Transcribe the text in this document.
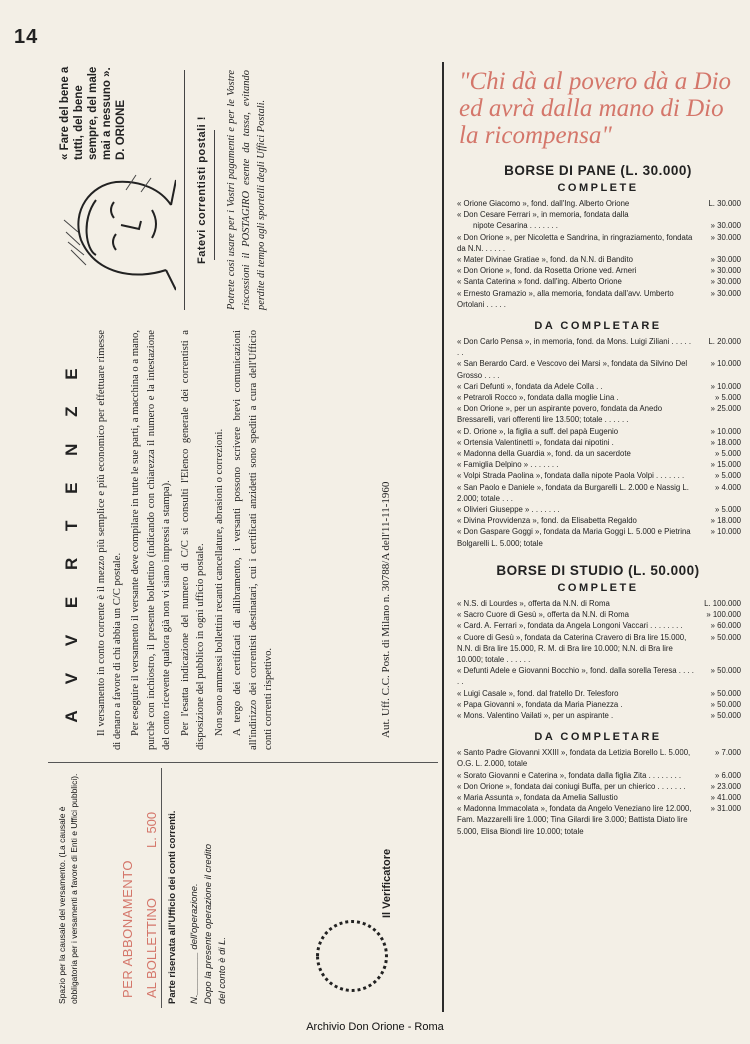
14
Spazio per la causale del versamento. (La causale è obbligatoria per i versamenti a favore di Enti e Uffici pubblici).	PER ABBONAMENTO AL BOLLETTINO
L. 500 Parte riservata all'Ufficio dei conti correnti. N.________ dell'operazione. Dopo la presente operazione il credito del conto è di L.
Il Verificatore
A V V E R T E N Z E Il versamento in conto corrente è il mezzo più semplice e più economico per effettuare rimesse di denaro a favore di chi abbia un C/C postale. Per eseguire il versamento il versante deve compilare in tutte le sue parti, a macchina o a mano, purchè con inchiostro, il presente bollettino (indicando con chiarezza il numero e la intestazione del conto ricevente qualora già non vi siano impressi a stampa). Per l'esatta indicazione del numero di C/C si consulti l'Elenco generale dei correntisti a disposizione del pubblico in ogni ufficio postale. Non sono ammessi bollettini recanti cancellature, abrasioni o correzioni. A tergo dei certificati di allibramento, i versanti possono scrivere brevi comunicazioni all'indirizzo dei correntisti destinatari, cui i certificati anzidetti sono spediti a cura dell'Ufficio conti correnti rispettivo.	Aut. Uff. C.C. Post. di Milano n. 30788/A dell'11-11-1960
« Fare del bene a tutti, del bene sempre, del male mai a nessuno ». D. ORIONE	Fatevi correntisti postali ! Potrete così usare per i Vostri pagamenti e per le Vostre riscossioni il POSTAGIRO esente da tassa, evitando perdite di tempo agli sportelli degli Uffici Postali.
"Chi dà al povero dà a Dio ed avrà dalla mano di Dio la ricompensa"
BORSE DI PANE (L. 30.000)
COMPLETE
« Orione Giacomo », fond. dall'Ing. Alberto Orione	L. 30.000
« Don Cesare Ferrari », in memoria, fondata dalla
nipote Cesarina . . . . . . .	» 30.000
« Don Orione », per Nicoletta e Sandrina, in ringraziamento, fondata da N.N. . . . . .
» 30.000
« Mater Divinae Gratiae », fond. da N.N. di Bandito	» 30.000
« Don Orione », fond. da Rosetta Orione ved. Arneri	» 30.000
« Santa Caterina » fond. dall'ing. Alberto Orione	» 30.000
« Ernesto Gramazio », alla memoria, fondata dall'avv. Umberto Ortolani . . . . .
» 30.000
DA COMPLETARE
« Don Carlo Pensa », in memoria, fond. da Mons. Luigi Ziliani . . . . . . .
L. 20.000
« San Berardo Card. e Vescovo dei Marsi », fondata da Silvino Del Grosso . . . .
» 10.000
« Cari Defunti », fondata da Adele Colla . .	» 10.000
« Petraroli Rocco », fondata dalla moglie Lina .	» 5.000
« Don Orione », per un aspirante povero, fondata da Anedo Bressarelli, vari offerenti lire 13.500; totale . . . . . .
» 25.000
« D. Orione », la figlia a suff. del papà Eugenio	» 10.000
« Ortensia Valentinetti », fondata dai nipotini .	» 18.000
« Madonna della Guardia », fond. da un sacerdote	» 5.000
« Famiglia Delpino » . . . . . . .	» 15.000
« Volpi Strada Paolina », fondata dalla nipote Paola Volpi . . . . . . .	» 5.000
« San Paolo e Daniele », fondata da Burgarelli L. 2.000 e Nassig L. 2.000; totale . . .
» 4.000
« Olivieri Giuseppe » . . . . . . .	» 5.000
« Divina Provvidenza », fond. da Elisabetta Regaldo	» 18.000
« Don Gaspare Goggi », fondata da Maria Goggi L. 5.000 e Pietrina Bolgarelli L. 5.000; totale
» 10.000
BORSE DI STUDIO (L. 50.000)
COMPLETE
« N.S. di Lourdes », offerta da N.N. di Roma	L. 100.000
« Sacro Cuore di Gesù », offerta da N.N. di Roma	» 100.000
« Card. A. Ferrari », fondata da Angela Longoni Vaccari . . . . . . . .	» 60.000
« Cuore di Gesù », fondata da Caterina Cravero di Bra lire 15.000, N.N. di Bra lire 15.000, R. M. di Bra lire 10.000; N.N. di Bra lire 10.000; totale . . . . . .
» 50.000
« Defunti Adele e Giovanni Bocchio », fond. dalla sorella Teresa . . . . . .
» 50.000
« Luigi Casale », fond. dal fratello Dr. Telesforo	» 50.000
« Papa Giovanni », fondata da Maria Pianezza .	» 50.000
« Mons. Valentino Vailati », per un aspirante .	» 50.000
DA COMPLETARE
« Santo Padre Giovanni XXIII », fondata da Letizia Borello L. 5.000, O.G. L. 2.000, totale
» 7.000
« Sorato Giovanni e Caterina », fondata dalla figlia Zita . . . . . . . .	» 6.000
« Don Orione », fondata dai coniugi Buffa, per un chierico . . . . . . .	» 23.000
« Maria Assunta », fondata da Amelia Sallustio	» 41.000
« Madonna Immacolata », fondata da Angelo Veneziano lire 12.000, Fam. Mazzarelli lire 1.000; Tina Gilardi lire 3.000; Battista Diato lire 5.000, Elisa Biondi lire 10.000; totale
» 31.000
Archivio Don Orione - Roma
